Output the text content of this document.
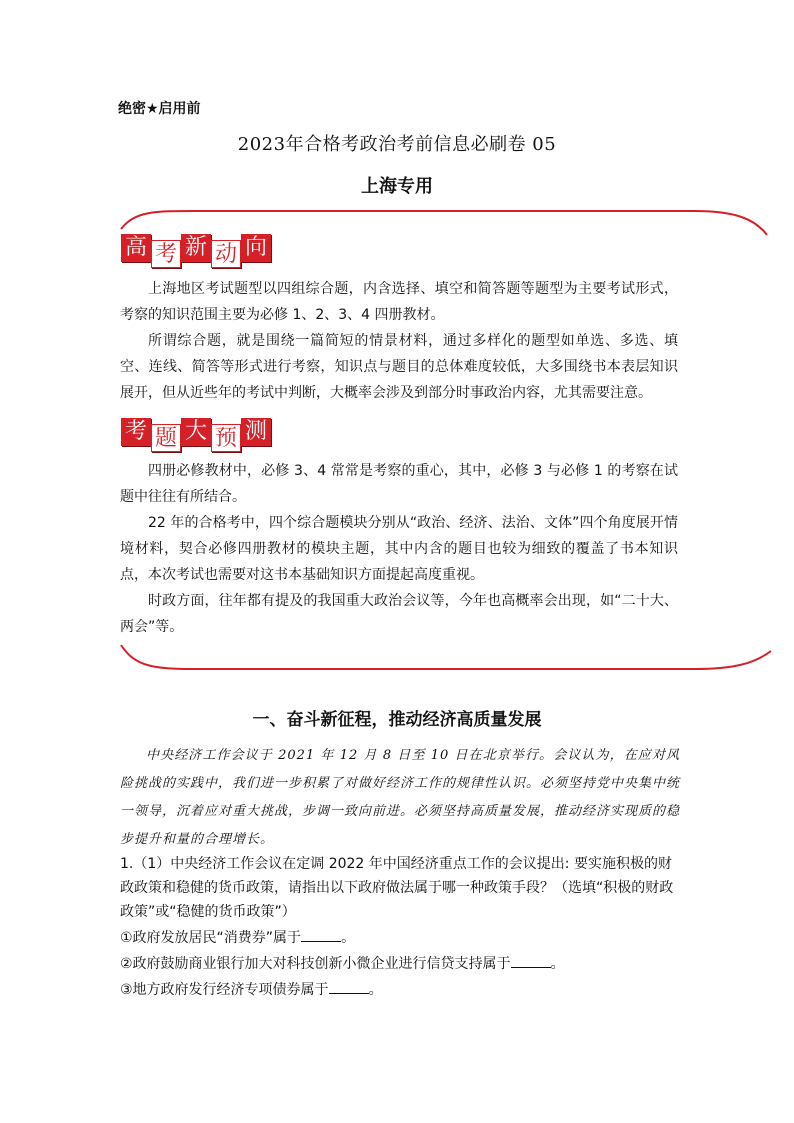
绝密★启用前
2023年合格考政治考前信息必刷卷 05
上海专用
高 考 新 动 向

上海地区考试题型以四组综合题，内含选择、填空和简答题等题型为主要考试形式，考察的知识范围主要为必修 1、2、3、4 四册教材。

所谓综合题，就是围绕一篇简短的情景材料，通过多样化的题型如单选、多选、填空、连线、简答等形式进行考察，知识点与题目的总体难度较低，大多围绕书本表层知识展开，但从近些年的考试中判断，大概率会涉及到部分时事政治内容，尤其需要注意。

考 题 大 预 测

四册必修教材中，必修 3、4 常常是考察的重心，其中，必修 3 与必修 1 的考察在试题中往往有所结合。

22 年的合格考中，四个综合题模块分别从“政治、经济、法治、文体”四个角度展开情境材料，契合必修四册教材的模块主题，其中内含的题目也较为细致的覆盖了书本知识点，本次考试也需要对这书本基础知识方面提起高度重视。

时政方面，往年都有提及的我国重大政治会议等，今年也高概率会出现，如“二十大、两会”等。

一、奋斗新征程，推动经济高质量发展

中央经济工作会议于 2021 年 12 月 8 日至 10 日在北京举行。会议认为，在应对风险挑战的实践中，我们进一步积累了对做好经济工作的规律性认识。必须坚持党中央集中统一领导，沉着应对重大挑战，步调一致向前进。必须坚持高质量发展，推动经济实现质的稳步提升和量的合理增长。

1.（1）中央经济工作会议在定调 2022 年中国经济重点工作的会议提出: 要实施积极的财政政策和稳健的货币政策，请指出以下政府做法属于哪一种政策手段？（选填“积极的财政政策”或“稳健的货币政策”）

①政府发放居民“消费券”属于	。

②政府鼓励商业银行加大对科技创新小微企业进行信贷支持属于	。

③地方政府发行经济专项债券属于	。
